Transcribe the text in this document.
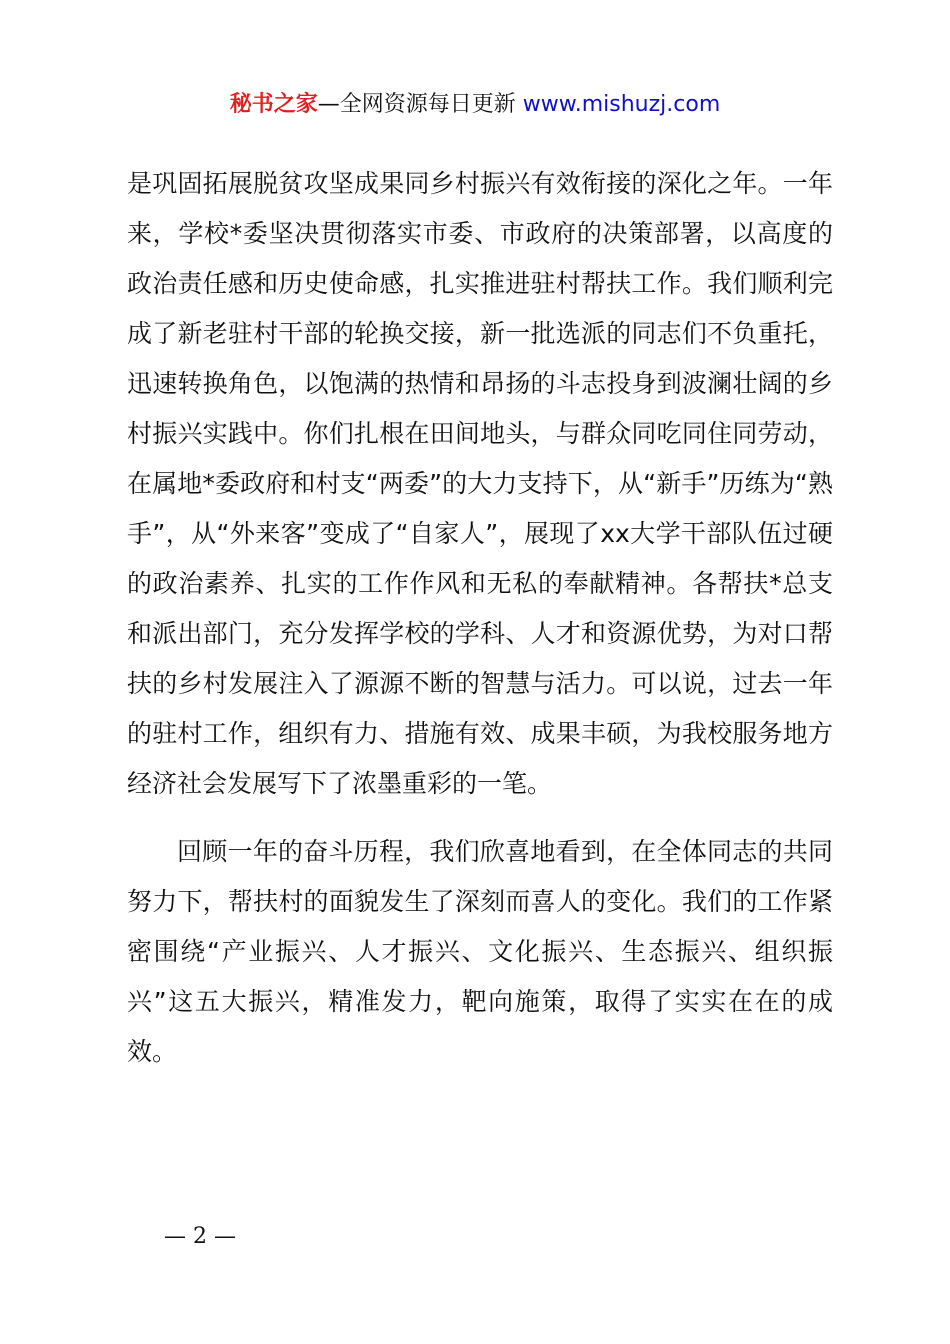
秘书之家—全网资源每日更新 www.mishuzj.com

是巩固拓展脱贫攻坚成果同乡村振兴有效衔接的深化之年。一年来，学校*委坚决贯彻落实市委、市政府的决策部署，以高度的政治责任感和历史使命感，扎实推进驻村帮扶工作。我们顺利完成了新老驻村干部的轮换交接，新一批选派的同志们不负重托，迅速转换角色，以饱满的热情和昂扬的斗志投身到波澜壮阔的乡村振兴实践中。你们扎根在田间地头，与群众同吃同住同劳动，在属地*委政府和村支“两委”的大力支持下，从“新手”历练为“熟手”，从“外来客”变成了“自家人”，展现了xx大学干部队伍过硬的政治素养、扎实的工作作风和无私的奉献精神。各帮扶*总支和派出部门，充分发挥学校的学科、人才和资源优势，为对口帮扶的乡村发展注入了源源不断的智慧与活力。可以说，过去一年的驻村工作，组织有力、措施有效、成果丰硕，为我校服务地方经济社会发展写下了浓墨重彩的一笔。

回顾一年的奋斗历程，我们欣喜地看到，在全体同志的共同努力下，帮扶村的面貌发生了深刻而喜人的变化。我们的工作紧密围绕“产业振兴、人才振兴、文化振兴、生态振兴、组织振兴”这五大振兴，精准发力，靶向施策，取得了实实在在的成效。

— 2 —
